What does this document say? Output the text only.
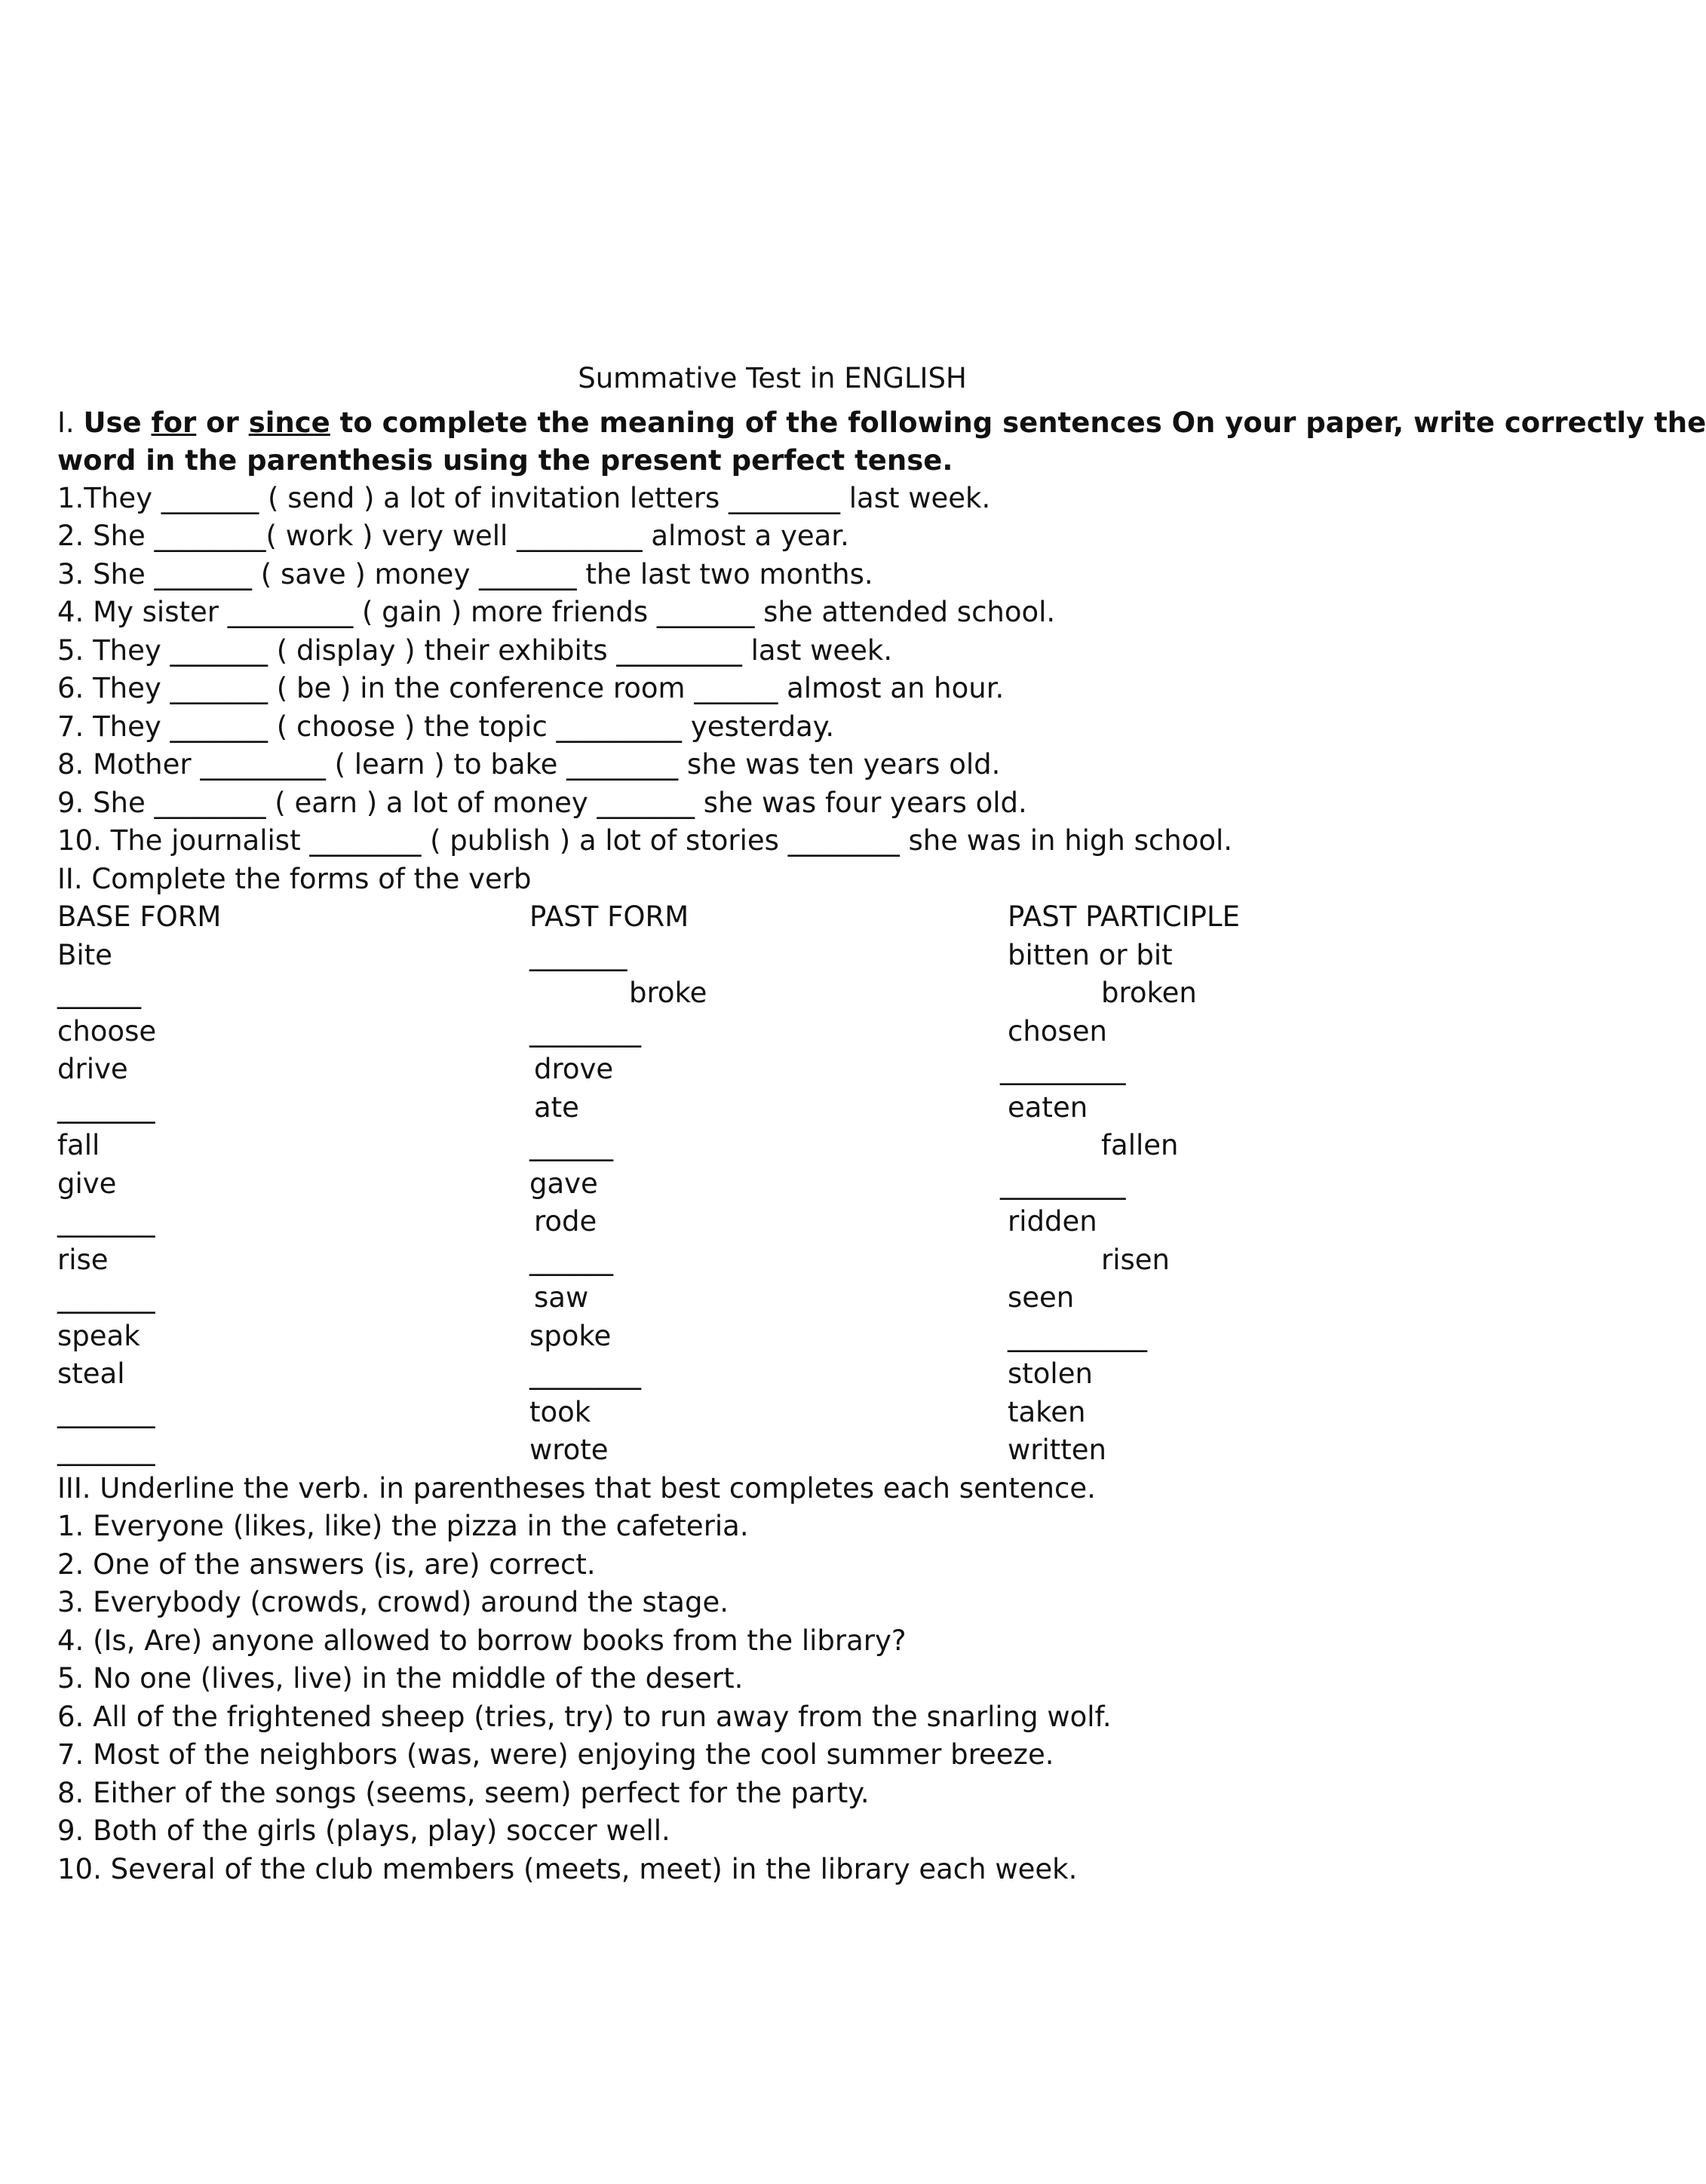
Summative Test in ENGLISH
I. Use for or since to complete the meaning of the following sentences On your paper, write correctly the
word in the parenthesis using the present perfect tense.
1.They _______ ( send ) a lot of invitation letters ________ last week.
2. She ________( work ) very well _________ almost a year.
3. She _______ ( save ) money _______ the last two months.
4. My sister _________ ( gain ) more friends _______ she attended school.
5. They _______ ( display ) their exhibits _________ last week.
6. They _______ ( be ) in the conference room ______ almost an hour.
7. They _______ ( choose ) the topic _________ yesterday.
8. Mother _________ ( learn ) to bake ________ she was ten years old.
9. She ________ ( earn ) a lot of money _______ she was four years old.
10. The journalist ________ ( publish ) a lot of stories ________ she was in high school.
II. Complete the forms of the verb
BASE FORM	PAST FORM	PAST PARTICIPLE
Bite	_______	bitten or bit
______	broke	broken
choose	________	chosen
drive	drove	_________
_______	ate	eaten
fall	______	fallen
give	gave	_________
_______	rode	ridden
rise	______	risen
_______	saw	seen
speak	spoke	__________
steal	________	stolen
_______	took	taken
_______	wrote	written
III. Underline the verb. in parentheses that best completes each sentence.
1. Everyone (likes, like) the pizza in the cafeteria.
2. One of the answers (is, are) correct.
3. Everybody (crowds, crowd) around the stage.
4. (Is, Are) anyone allowed to borrow books from the library?
5. No one (lives, live) in the middle of the desert.
6. All of the frightened sheep (tries, try) to run away from the snarling wolf.
7. Most of the neighbors (was, were) enjoying the cool summer breeze.
8. Either of the songs (seems, seem) perfect for the party.
9. Both of the girls (plays, play) soccer well.
10. Several of the club members (meets, meet) in the library each week.
